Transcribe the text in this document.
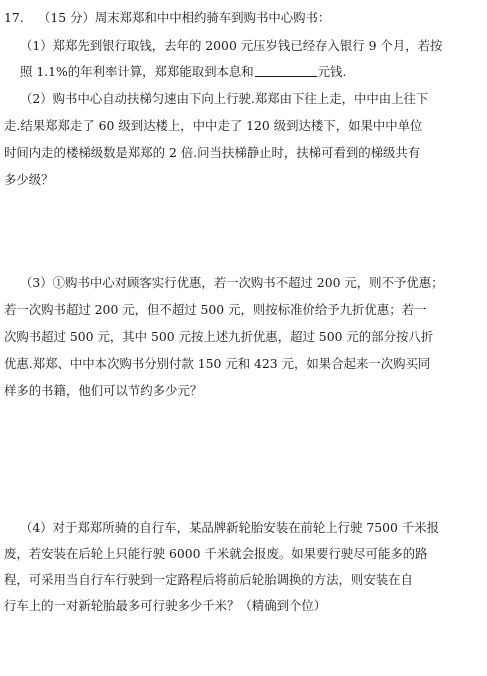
17. （15 分）周末郑郑和中中相约骑车到购书中心购书：
（1）郑郑先到银行取钱，去年的 2000 元压岁钱已经存入银行 9 个月，若按
照 1.1%的年利率计算，郑郑能取到本息和	元钱.
（2）购书中心自动扶梯匀速由下向上行驶.郑郑由下往上走，中中由上往下
走.结果郑郑走了 60 级到达楼上，中中走了 120 级到达楼下，如果中中单位
时间内走的楼梯级数是郑郑的 2 倍.问当扶梯静止时，扶梯可看到的梯级共有
多少级？
（3）①购书中心对顾客实行优惠，若一次购书不超过 200 元，则不予优惠；
若一次购书超过 200 元，但不超过 500 元，则按标准价给予九折优惠；若一
次购书超过 500 元，其中 500 元按上述九折优惠，超过 500 元的部分按八折
优惠.郑郑、中中本次购书分别付款 150 元和 423 元，如果合起来一次购买同
样多的书籍，他们可以节约多少元？
（4）对于郑郑所骑的自行车，某品牌新轮胎安装在前轮上行驶 7500 千米报
废，若安装在后轮上只能行驶 6000 千米就会报废。如果要行驶尽可能多的路
程，可采用当自行车行驶到一定路程后将前后轮胎调换的方法，则安装在自
行车上的一对新轮胎最多可行驶多少千米？（精确到个位）
